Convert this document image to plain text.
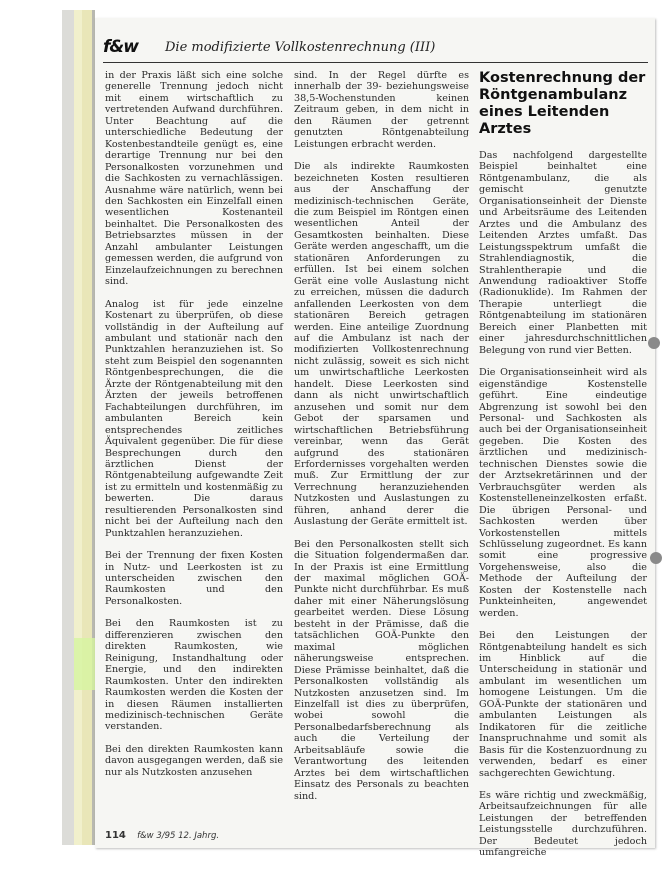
f&w Die modifizierte Vollkostenrechnung (III)

in der Praxis läßt sich eine solche generelle Trennung jedoch nicht mit einem wirtschaftlich zu vertretenden Aufwand durchführen. Unter Beachtung auf die unterschiedliche Bedeutung der Kostenbestandteile genügt es, eine derartige Trennung nur bei den Personalkosten vorzunehmen und die Sachkosten zu vernachlässigen. Ausnahme wäre natürlich, wenn bei den Sachkosten ein Einzelfall einen wesentlichen Kostenanteil beinhaltet. Die Personalkosten des Betriebsarztes müssen in der Anzahl ambulanter Leistungen gemessen werden, die aufgrund von Einzelaufzeichnungen zu berechnen sind.

Analog ist für jede einzelne Kostenart zu überprüfen, ob diese vollständig in der Aufteilung auf ambulant und stationär nach den Punktzahlen heranzuziehen ist. So steht zum Beispiel den sogenannten Röntgenbesprechungen, die die Ärzte der Röntgenabteilung mit den Ärzten der jeweils betroffenen Fachabteilungen durchführen, im ambulanten Bereich kein entsprechendes zeitliches Äquivalent gegenüber. Die für diese Besprechungen durch den ärztlichen Dienst der Röntgenabteilung aufgewandte Zeit ist zu ermitteln und kostenmäßig zu bewerten. Die daraus resultierenden Personalkosten sind nicht bei der Aufteilung nach den Punktzahlen heranzuziehen.

Bei der Trennung der fixen Kosten in Nutz- und Leerkosten ist zu unterscheiden zwischen den Raumkosten und den Personalkosten.

Bei den Raumkosten ist zu differenzieren zwischen den direkten Raumkosten, wie Reinigung, Instandhaltung oder Energie, und den indirekten Raumkosten. Unter den indirekten Raumkosten werden die Kosten der in diesen Räumen installierten medizinisch-technischen Geräte verstanden.

Bei den direkten Raumkosten kann davon ausgegangen werden, daß sie nur als Nutzkosten anzusehen

sind. In der Regel dürfte es innerhalb der 39- beziehungsweise 38,5-Wochenstunden keinen Zeitraum geben, in dem nicht in den Räumen der getrennt genutzten Röntgenabteilung Leistungen erbracht werden.

Die als indirekte Raumkosten bezeichneten Kosten resultieren aus der Anschaffung der medizinisch-technischen Geräte, die zum Beispiel im Röntgen einen wesentlichen Anteil der Gesamtkosten beinhalten. Diese Geräte werden angeschafft, um die stationären Anforderungen zu erfüllen. Ist bei einem solchen Gerät eine volle Auslastung nicht zu erreichen, müssen die dadurch anfallenden Leerkosten von dem stationären Bereich getragen werden. Eine anteilige Zuordnung auf die Ambulanz ist nach der modifizierten Vollkostenrechnung nicht zulässig, soweit es sich nicht um unwirtschaftliche Leerkosten handelt. Diese Leerkosten sind dann als nicht unwirtschaftlich anzusehen und somit nur dem Gebot der sparsamen und wirtschaftlichen Betriebsführung vereinbar, wenn das Gerät aufgrund des stationären Erfordernisses vorgehalten werden muß. Zur Ermittlung der zur Verrechnung heranzuziehenden Nutzkosten und Auslastungen zu führen, anhand derer die Auslastung der Geräte ermittelt ist.

Bei den Personalkosten stellt sich die Situation folgendermaßen dar. In der Praxis ist eine Ermittlung der maximal möglichen GOÄ-Punkte nicht durchführbar. Es muß daher mit einer Näherungslösung gearbeitet werden. Diese Lösung besteht in der Prämisse, daß die tatsächlichen GOÄ-Punkte den maximal möglichen näherungsweise entsprechen. Diese Prämisse beinhaltet, daß die Personalkosten vollständig als Nutzkosten anzusetzen sind. Im Einzelfall ist dies zu überprüfen, wobei sowohl die Personalbedarfsberechnung als auch die Verteilung der Arbeitsabläufe sowie die Verantwortung des leitenden Arztes bei dem wirtschaftlichen Einsatz des Personals zu beachten sind.

Kostenrechnung der Röntgenambulanz eines Leitenden Arztes

Das nachfolgend dargestellte Beispiel beinhaltet eine Röntgenambulanz, die als gemischt genutzte Organisationseinheit der Dienste und Arbeitsräume des Leitenden Arztes und die Ambulanz des Leitenden Arztes umfaßt. Das Leistungsspektrum umfaßt die Strahlendiagnostik, die Strahlentherapie und die Anwendung radioaktiver Stoffe (Radionuklide). Im Rahmen der Therapie unterliegt die Röntgenabteilung im stationären Bereich einer Planbetten mit einer jahresdurchschnittlichen Belegung von rund vier Betten.

Die Organisationseinheit wird als eigenständige Kostenstelle geführt. Eine eindeutige Abgrenzung ist sowohl bei den Personal- und Sachkosten als auch bei der Organisationseinheit gegeben. Die Kosten des ärztlichen und medizinisch-technischen Dienstes sowie die der Arztsekretärinnen und der Verbrauchsgüter werden als Kostenstelleneinzelkosten erfaßt. Die übrigen Personal- und Sachkosten werden über Vorkostenstellen mittels Schlüsselung zugeordnet. Es kann somit eine progressive Vorgehensweise, also die Methode der Aufteilung der Kosten der Kostenstelle nach Punkteinheiten, angewendet werden.

Bei den Leistungen der Röntgenabteilung handelt es sich im Hinblick auf die Unterscheidung in stationär und ambulant im wesentlichen um homogene Leistungen. Um die GOÄ-Punkte der stationären und ambulanten Leistungen als Indikatoren für die zeitliche Inanspruchnahme und somit als Basis für die Kostenzuordnung zu verwenden, bedarf es einer sachgerechten Gewichtung.

Es wäre richtig und zweckmäßig, Arbeitsaufzeichnungen für alle Leistungen der betreffenden Leistungsstelle durchzuführen. Der Bedeutet jedoch umfangreiche

114 f&w 3/95 12. Jahrg.
